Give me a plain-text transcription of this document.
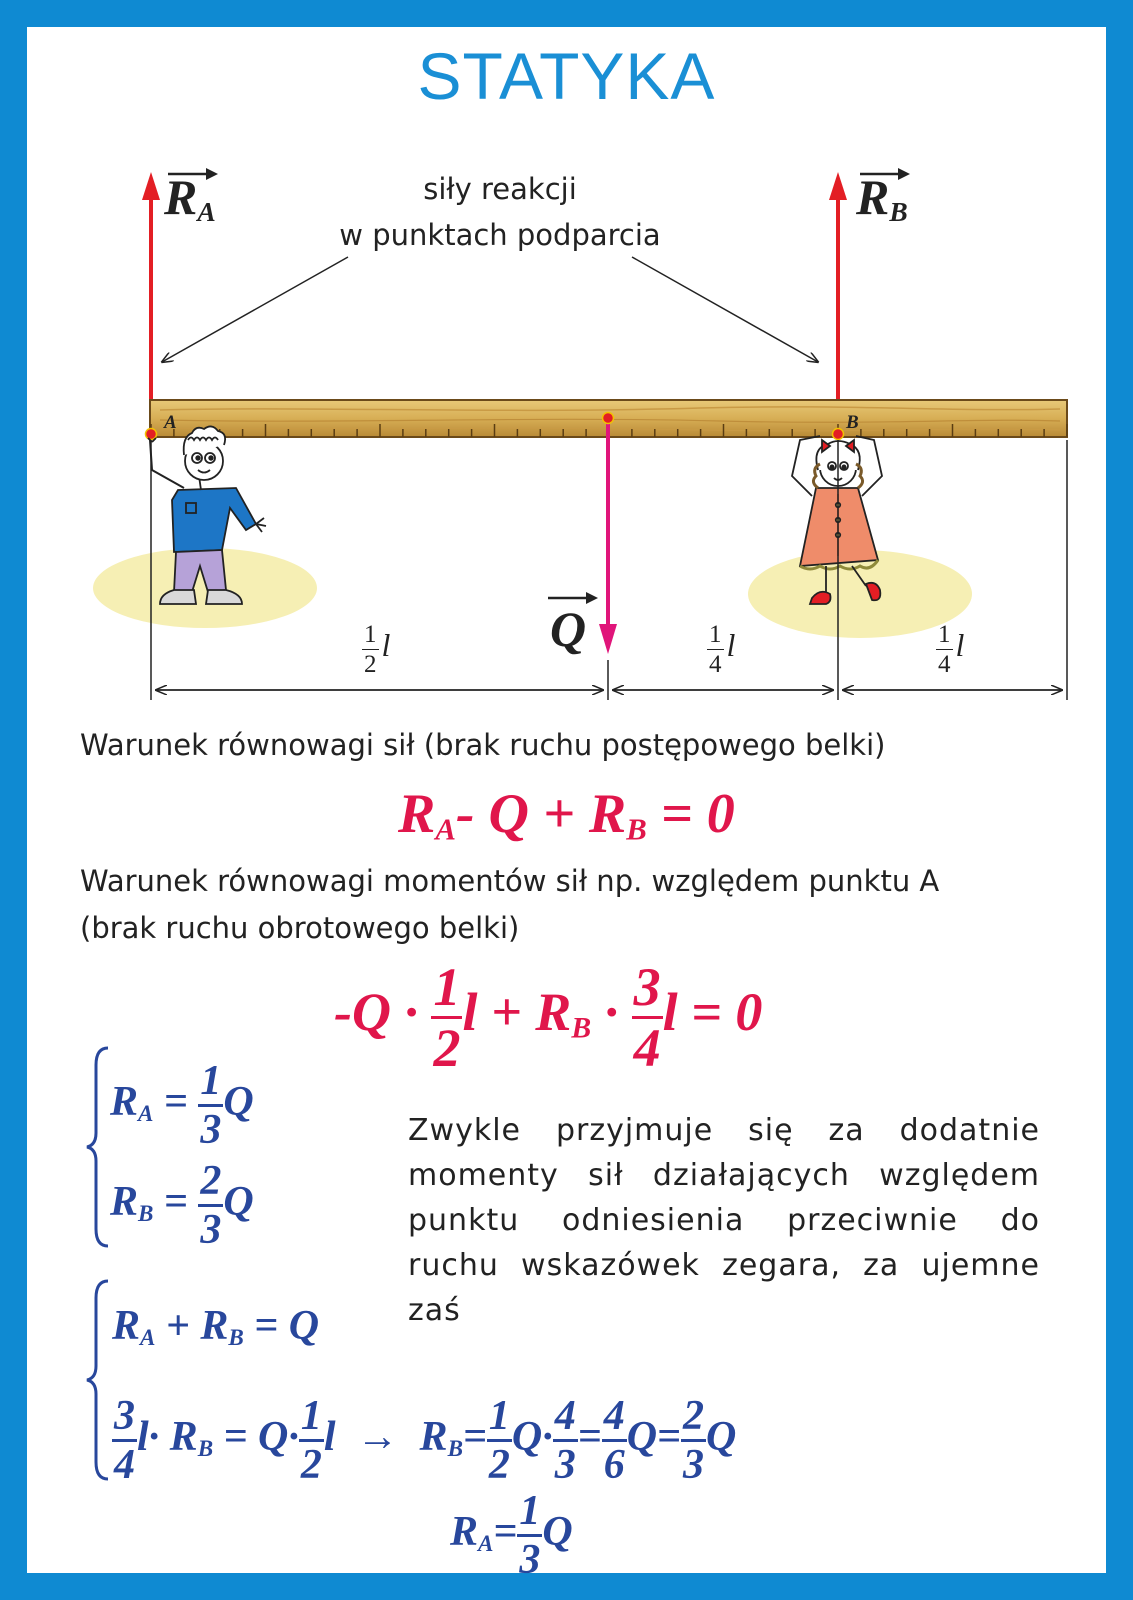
STATYKA
A	B
siły reakcji
w punktach podparcia
$R_A$	$R_B$
Q
$\frac{1}{2}$ l	$\frac{1}{4}$ l	$\frac{1}{4}$ l
Warunek równowagi sił (brak ruchu postępowego belki)
$R_A-$ $Q + R_B = 0$
Warunek równowagi momentów sił np. względem punktu A
(brak ruchu obrotowego belki)
$-Q \cdot \frac{1}{2}$ $l + R_B \cdot \frac{3}{4}$ l = 0
$R_A = \frac{1}{3}$ Q
$R_B = \frac{2}{3}$ Q
Zwykle przyjmuje się za dodatnie momenty sił działających względem punktu odniesienia przeciwnie do ruchu wskazówek zegara, za ujemne zaś
$R_A + R_B = Q$
$\frac{3}{4} l\cdot R_B = Q\cdot \frac{1}{2}$ $l \to R_B= \frac{1}{2} Q\cdot \frac{4}{3} = \frac{4}{6} Q= \frac{2}{3}$ Q
$R_A= \frac{1}{3}$ Q
